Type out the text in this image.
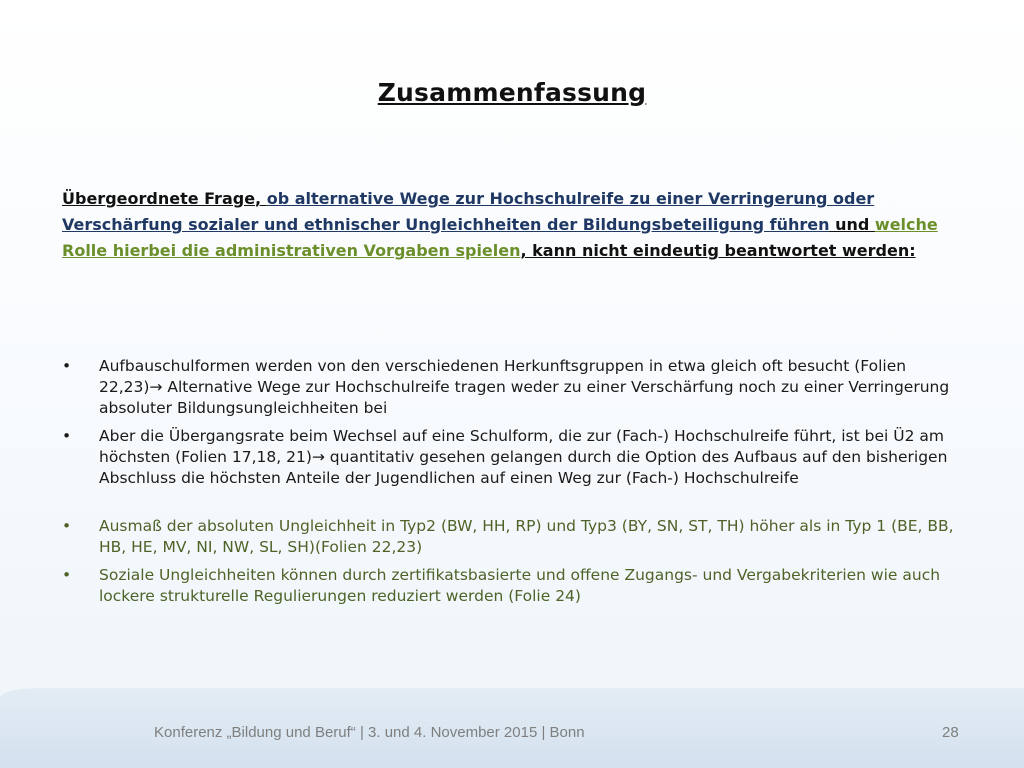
Zusammenfassung
Übergeordnete Frage, ob alternative Wege zur Hochschulreife zu einer Verringerung oder Verschärfung sozialer und ethnischer Ungleichheiten der Bildungsbeteiligung führen und welche Rolle hierbei die administrativen Vorgaben spielen, kann nicht eindeutig beantwortet werden:
• Aufbauschulformen werden von den verschiedenen Herkunftsgruppen in etwa gleich oft besucht (Folien 22,23)→ Alternative Wege zur Hochschulreife tragen weder zu einer Verschärfung noch zu einer Verringerung absoluter Bildungsungleichheiten bei
• Aber die Übergangsrate beim Wechsel auf eine Schulform, die zur (Fach-) Hochschulreife führt, ist bei Ü2 am höchsten (Folien 17,18, 21)→ quantitativ gesehen gelangen durch die Option des Aufbaus auf den bisherigen Abschluss die höchsten Anteile der Jugendlichen auf einen Weg zur (Fach-) Hochschulreife
• Ausmaß der absoluten Ungleichheit in Typ2 (BW, HH, RP) und Typ3 (BY, SN, ST, TH) höher als in Typ 1 (BE, BB, HB, HE, MV, NI, NW, SL, SH)(Folien 22,23)
• Soziale Ungleichheiten können durch zertifikatsbasierte und offene Zugangs- und Vergabekriterien wie auch lockere strukturelle Regulierungen reduziert werden (Folie 24)
Konferenz „Bildung und Beruf“ | 3. und 4. November 2015 | Bonn	28
